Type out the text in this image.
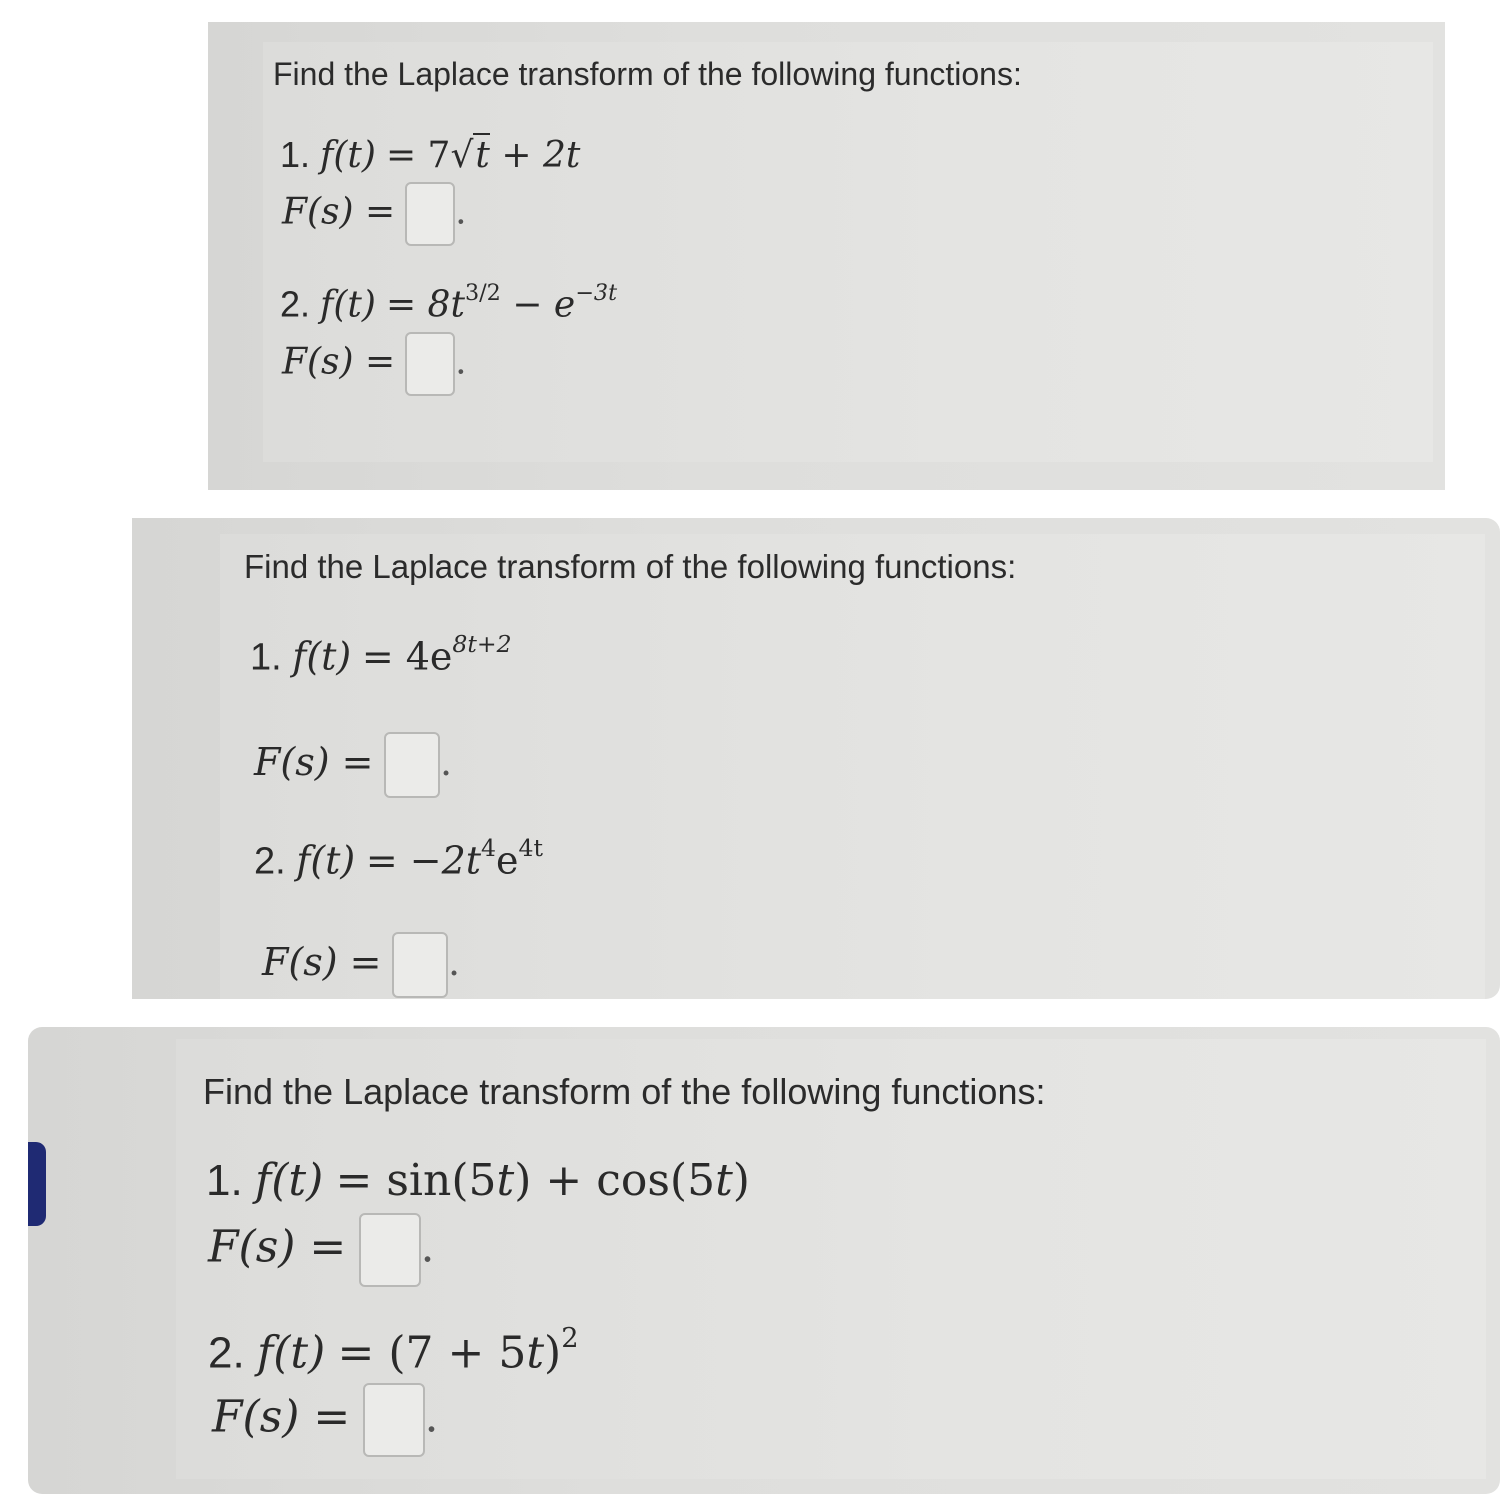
Find the Laplace transform of the following functions:
1. f(t) = 7√t + 2t
F(s) = .
2. $f(t) = 8t^{3/2} - e^{-3t}$
F(s) = .
Find the Laplace transform of the following functions:
1. $f(t) = 4e^{8t+2}$
F(s) = .
2. $f(t) = -2t^4e^{4t}$
F(s) = .
Find the Laplace transform of the following functions:
1. f(t) = sin(5t) + cos(5t)
F(s) = .
2. $f(t) = (7 + 5t)^2$
F(s) = .
